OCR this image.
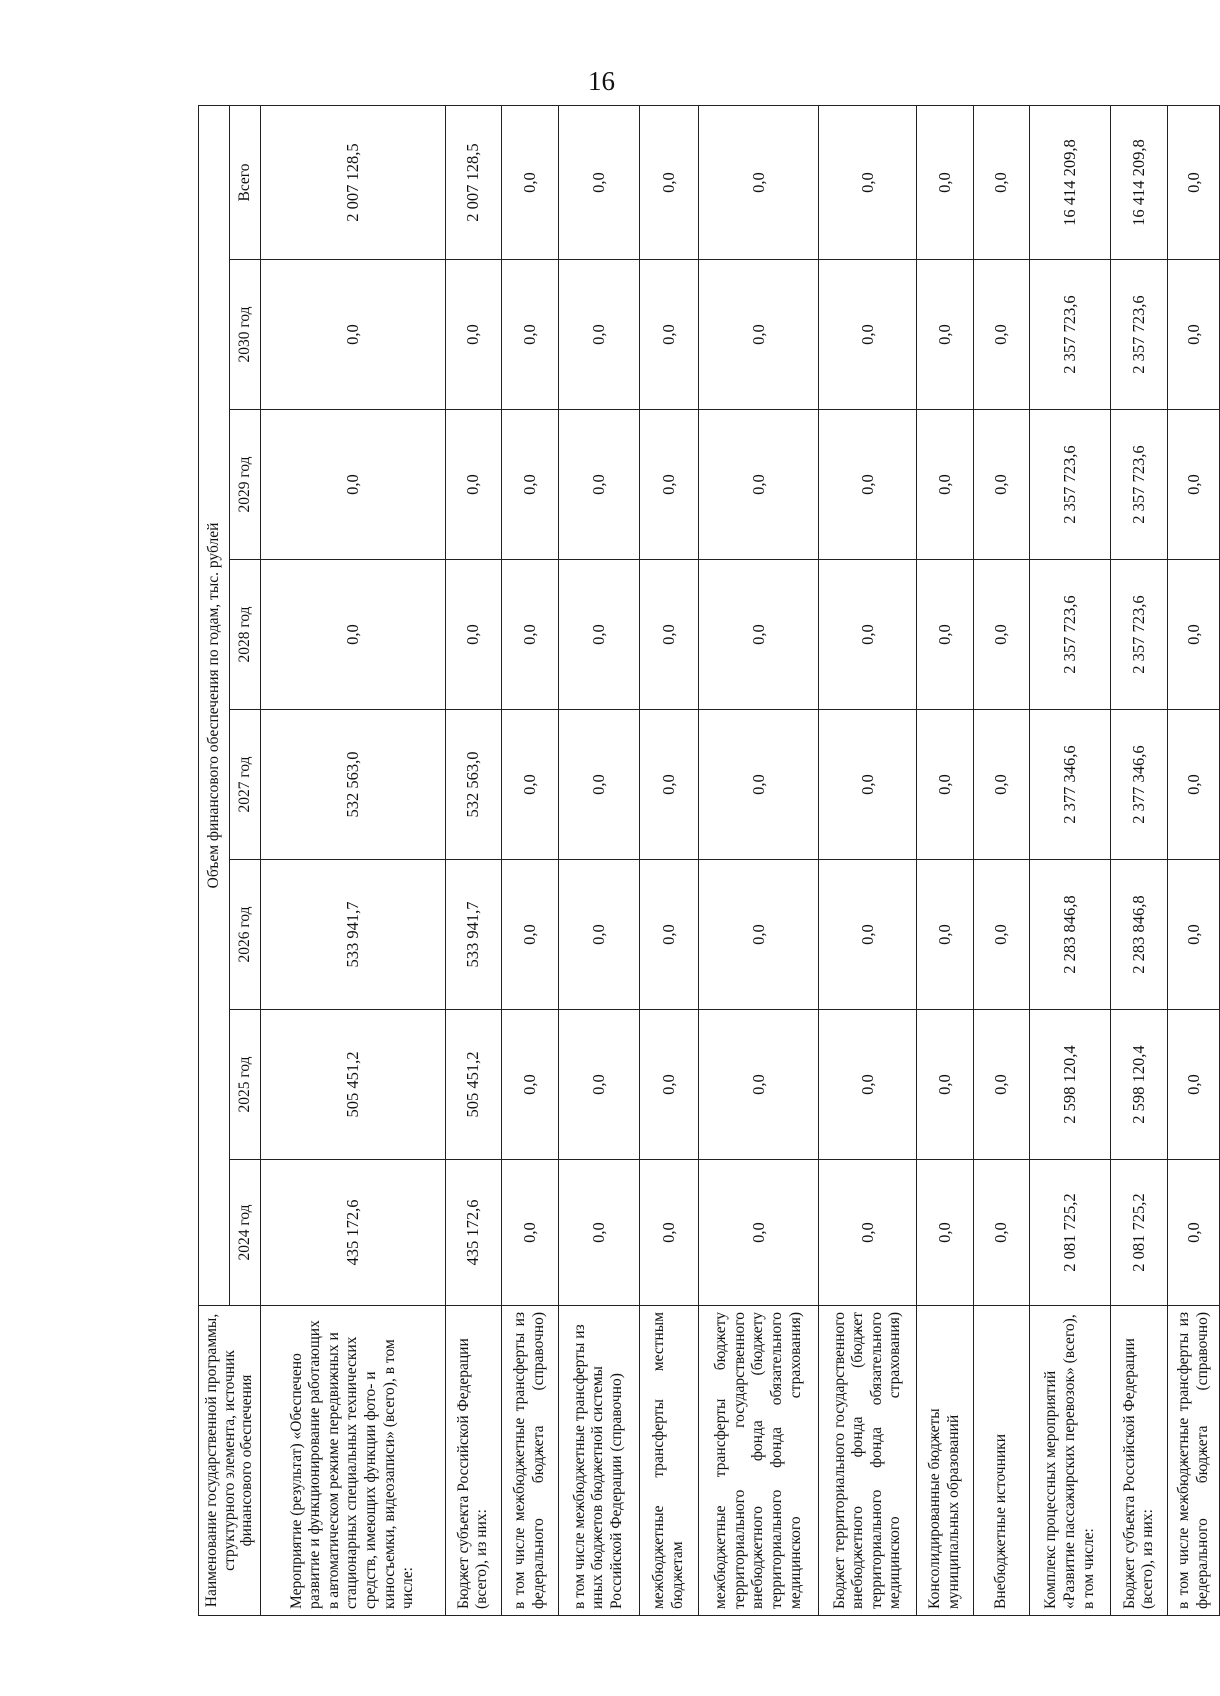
16
Наименование государственной программы, структурного элемента, источник финансового обеспечения	Объем финансового обеспечения по годам, тыс. рублей							
	2024 год	2025 год	2026 год	2027 год	2028 год	2029 год	2030 год	Всего
Мероприятие (результат) «Обеспечено развитие и функционирование работающих в автоматическом режиме передвижных и стационарных специальных технических средств, имеющих функции фото- и киносъемки, видеозаписи» (всего), в том числе:	435 172,6	505 451,2	533 941,7	532 563,0	0,0	0,0	0,0	2 007 128,5
Бюджет субъекта Российской Федерации (всего), из них:	435 172,6	505 451,2	533 941,7	532 563,0	0,0	0,0	0,0	2 007 128,5
в том числе межбюджетные трансферты из федерального бюджета (справочно)	0,0	0,0	0,0	0,0	0,0	0,0	0,0	0,0
в том числе межбюджетные трансферты из иных бюджетов бюджетной системы Российской Федерации (справочно)	0,0	0,0	0,0	0,0	0,0	0,0	0,0	0,0
межбюджетные трансферты местным бюджетам	0,0	0,0	0,0	0,0	0,0	0,0	0,0	0,0
межбюджетные трансферты бюджету территориального государственного внебюджетного фонда (бюджету территориального фонда обязательного медицинского страхования)	0,0	0,0	0,0	0,0	0,0	0,0	0,0	0,0
Бюджет территориального государственного внебюджетного фонда (бюджет территориального фонда обязательного медицинского страхования)	0,0	0,0	0,0	0,0	0,0	0,0	0,0	0,0
Консолидированные бюджеты муниципальных образований	0,0	0,0	0,0	0,0	0,0	0,0	0,0	0,0
Внебюджетные источники	0,0	0,0	0,0	0,0	0,0	0,0	0,0	0,0
Комплекс процессных мероприятий «Развитие пассажирских перевозок» (всего), в том числе:	2 081 725,2	2 598 120,4	2 283 846,8	2 377 346,6	2 357 723,6	2 357 723,6	2 357 723,6	16 414 209,8
Бюджет субъекта Российской Федерации (всего), из них:	2 081 725,2	2 598 120,4	2 283 846,8	2 377 346,6	2 357 723,6	2 357 723,6	2 357 723,6	16 414 209,8
в том числе межбюджетные трансферты из федерального бюджета (справочно)	0,0	0,0	0,0	0,0	0,0	0,0	0,0	0,0
